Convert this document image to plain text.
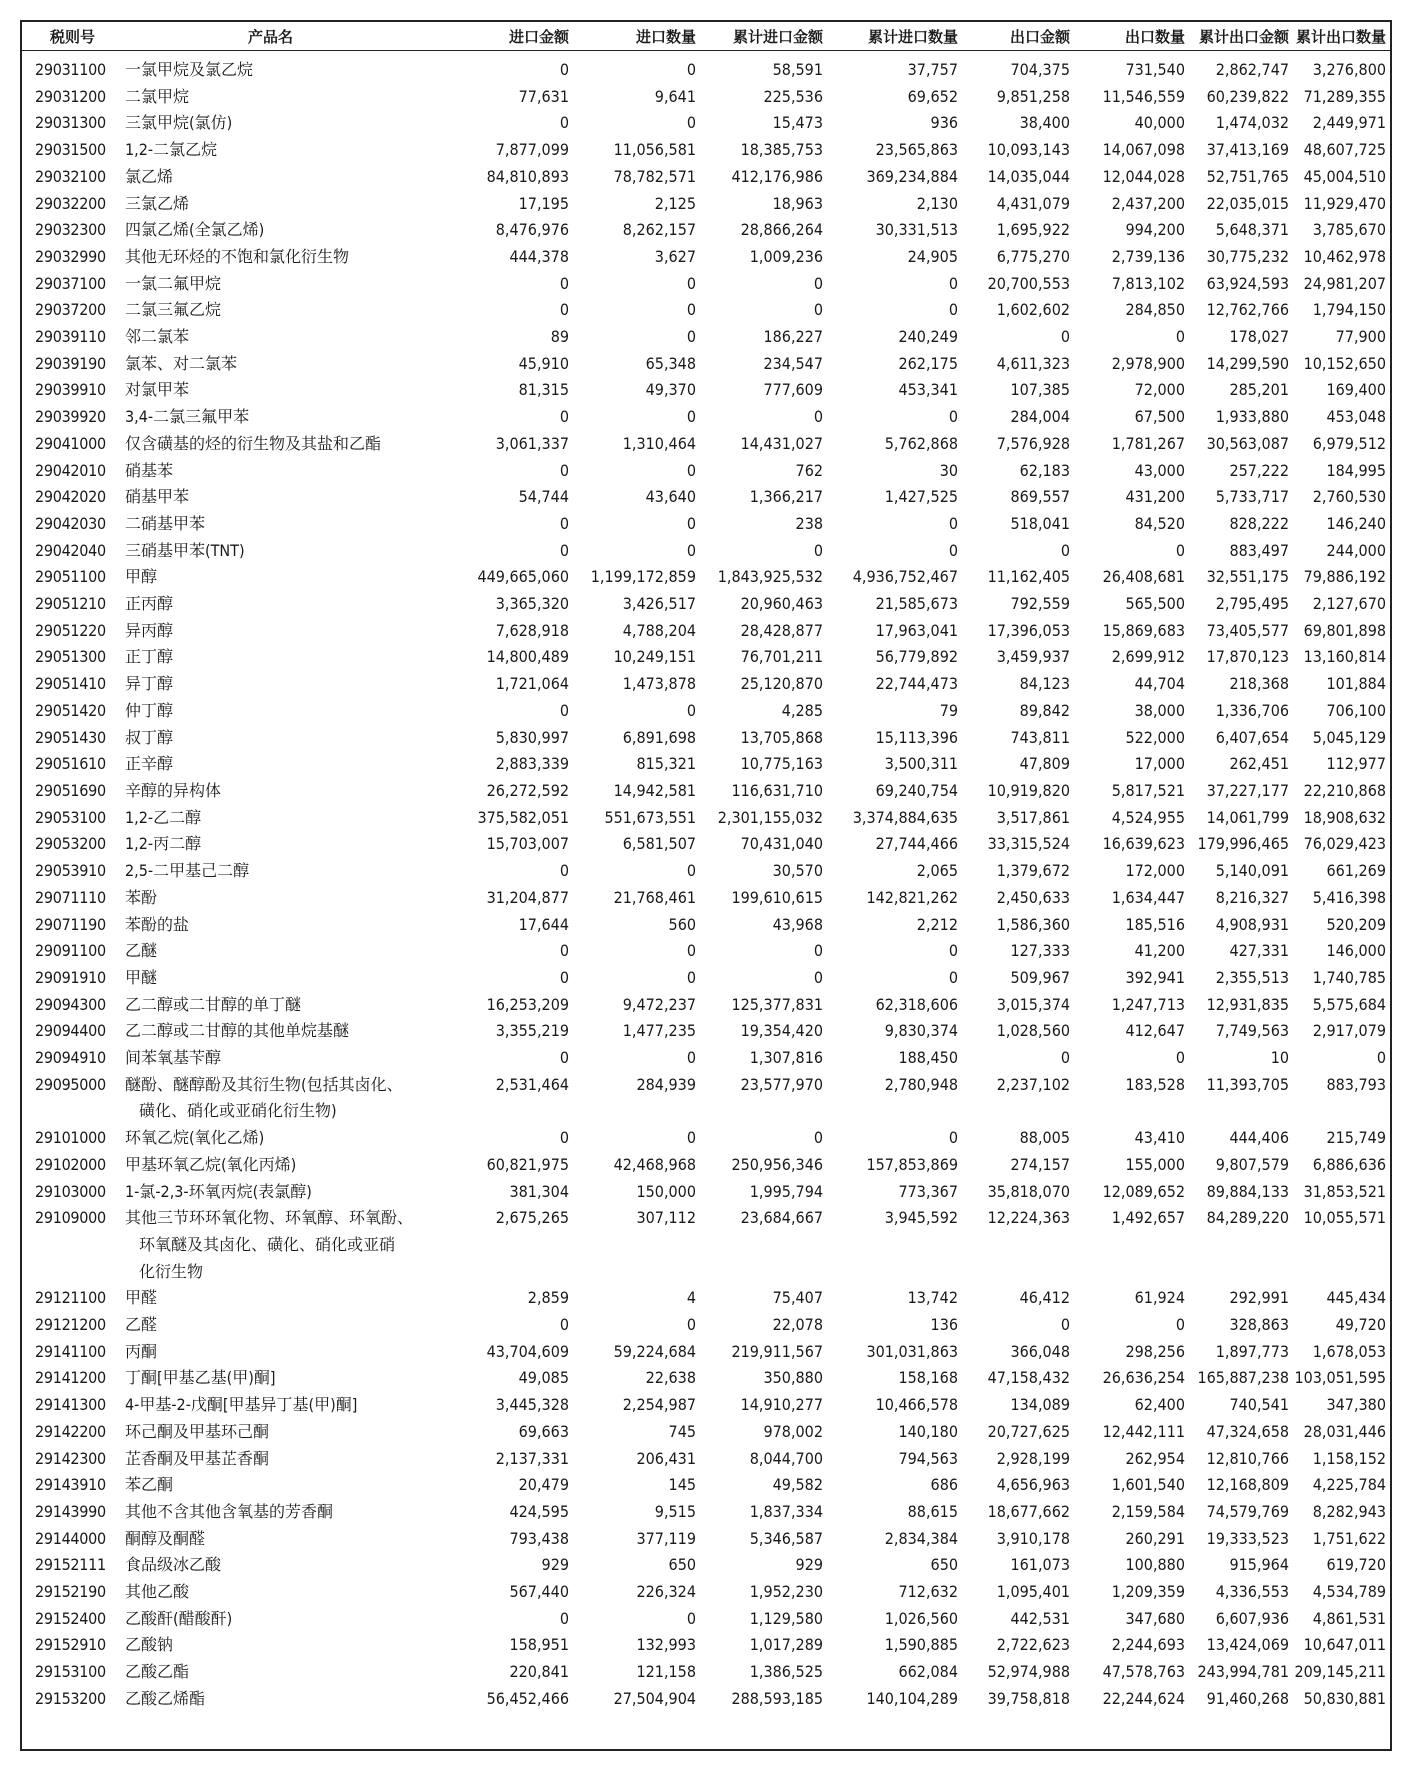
税则号	产品名	进口金额	进口数量	累计进口金额	累计进口数量	出口金额	出口数量	累计出口金额	累计出口数量
29031100	一氯甲烷及氯乙烷	0	0	58,591	37,757	704,375	731,540	2,862,747	3,276,800
29031200	二氯甲烷	77,631	9,641	225,536	69,652	9,851,258	11,546,559	60,239,822	71,289,355
29031300	三氯甲烷(氯仿)	0	0	15,473	936	38,400	40,000	1,474,032	2,449,971
29031500	1,2-二氯乙烷	7,877,099	11,056,581	18,385,753	23,565,863	10,093,143	14,067,098	37,413,169	48,607,725
29032100	氯乙烯	84,810,893	78,782,571	412,176,986	369,234,884	14,035,044	12,044,028	52,751,765	45,004,510
29032200	三氯乙烯	17,195	2,125	18,963	2,130	4,431,079	2,437,200	22,035,015	11,929,470
29032300	四氯乙烯(全氯乙烯)	8,476,976	8,262,157	28,866,264	30,331,513	1,695,922	994,200	5,648,371	3,785,670
29032990	其他无环烃的不饱和氯化衍生物	444,378	3,627	1,009,236	24,905	6,775,270	2,739,136	30,775,232	10,462,978
29037100	一氯二氟甲烷	0	0	0	0	20,700,553	7,813,102	63,924,593	24,981,207
29037200	二氯三氟乙烷	0	0	0	0	1,602,602	284,850	12,762,766	1,794,150
29039110	邻二氯苯	89	0	186,227	240,249	0	0	178,027	77,900
29039190	氯苯、对二氯苯	45,910	65,348	234,547	262,175	4,611,323	2,978,900	14,299,590	10,152,650
29039910	对氯甲苯	81,315	49,370	777,609	453,341	107,385	72,000	285,201	169,400
29039920	3,4-二氯三氟甲苯	0	0	0	0	284,004	67,500	1,933,880	453,048
29041000	仅含磺基的烃的衍生物及其盐和乙酯	3,061,337	1,310,464	14,431,027	5,762,868	7,576,928	1,781,267	30,563,087	6,979,512
29042010	硝基苯	0	0	762	30	62,183	43,000	257,222	184,995
29042020	硝基甲苯	54,744	43,640	1,366,217	1,427,525	869,557	431,200	5,733,717	2,760,530
29042030	二硝基甲苯	0	0	238	0	518,041	84,520	828,222	146,240
29042040	三硝基甲苯(TNT)	0	0	0	0	0	0	883,497	244,000
29051100	甲醇	449,665,060	1,199,172,859	1,843,925,532	4,936,752,467	11,162,405	26,408,681	32,551,175	79,886,192
29051210	正丙醇	3,365,320	3,426,517	20,960,463	21,585,673	792,559	565,500	2,795,495	2,127,670
29051220	异丙醇	7,628,918	4,788,204	28,428,877	17,963,041	17,396,053	15,869,683	73,405,577	69,801,898
29051300	正丁醇	14,800,489	10,249,151	76,701,211	56,779,892	3,459,937	2,699,912	17,870,123	13,160,814
29051410	异丁醇	1,721,064	1,473,878	25,120,870	22,744,473	84,123	44,704	218,368	101,884
29051420	仲丁醇	0	0	4,285	79	89,842	38,000	1,336,706	706,100
29051430	叔丁醇	5,830,997	6,891,698	13,705,868	15,113,396	743,811	522,000	6,407,654	5,045,129
29051610	正辛醇	2,883,339	815,321	10,775,163	3,500,311	47,809	17,000	262,451	112,977
29051690	辛醇的异构体	26,272,592	14,942,581	116,631,710	69,240,754	10,919,820	5,817,521	37,227,177	22,210,868
29053100	1,2-乙二醇	375,582,051	551,673,551	2,301,155,032	3,374,884,635	3,517,861	4,524,955	14,061,799	18,908,632
29053200	1,2-丙二醇	15,703,007	6,581,507	70,431,040	27,744,466	33,315,524	16,639,623	179,996,465	76,029,423
29053910	2,5-二甲基己二醇	0	0	30,570	2,065	1,379,672	172,000	5,140,091	661,269
29071110	苯酚	31,204,877	21,768,461	199,610,615	142,821,262	2,450,633	1,634,447	8,216,327	5,416,398
29071190	苯酚的盐	17,644	560	43,968	2,212	1,586,360	185,516	4,908,931	520,209
29091100	乙醚	0	0	0	0	127,333	41,200	427,331	146,000
29091910	甲醚	0	0	0	0	509,967	392,941	2,355,513	1,740,785
29094300	乙二醇或二甘醇的单丁醚	16,253,209	9,472,237	125,377,831	62,318,606	3,015,374	1,247,713	12,931,835	5,575,684
29094400	乙二醇或二甘醇的其他单烷基醚	3,355,219	1,477,235	19,354,420	9,830,374	1,028,560	412,647	7,749,563	2,917,079
29094910	间苯氧基苄醇	0	0	1,307,816	188,450	0	0	10	0
29095000	醚酚、醚醇酚及其衍生物(包括其卤化、
磺化、硝化或亚硝化衍生物)	2,531,464	284,939	23,577,970	2,780,948	2,237,102	183,528	11,393,705	883,793
29101000	环氧乙烷(氧化乙烯)	0	0	0	0	88,005	43,410	444,406	215,749
29102000	甲基环氧乙烷(氧化丙烯)	60,821,975	42,468,968	250,956,346	157,853,869	274,157	155,000	9,807,579	6,886,636
29103000	1-氯-2,3-环氧丙烷(表氯醇)	381,304	150,000	1,995,794	773,367	35,818,070	12,089,652	89,884,133	31,853,521
29109000	其他三节环环氧化物、环氧醇、环氧酚、
环氧醚及其卤化、磺化、硝化或亚硝
化衍生物	2,675,265	307,112	23,684,667	3,945,592	12,224,363	1,492,657	84,289,220	10,055,571
29121100	甲醛	2,859	4	75,407	13,742	46,412	61,924	292,991	445,434
29121200	乙醛	0	0	22,078	136	0	0	328,863	49,720
29141100	丙酮	43,704,609	59,224,684	219,911,567	301,031,863	366,048	298,256	1,897,773	1,678,053
29141200	丁酮[甲基乙基(甲)酮]	49,085	22,638	350,880	158,168	47,158,432	26,636,254	165,887,238	103,051,595
29141300	4-甲基-2-戊酮[甲基异丁基(甲)酮]	3,445,328	2,254,987	14,910,277	10,466,578	134,089	62,400	740,541	347,380
29142200	环己酮及甲基环己酮	69,663	745	978,002	140,180	20,727,625	12,442,111	47,324,658	28,031,446
29142300	芷香酮及甲基芷香酮	2,137,331	206,431	8,044,700	794,563	2,928,199	262,954	12,810,766	1,158,152
29143910	苯乙酮	20,479	145	49,582	686	4,656,963	1,601,540	12,168,809	4,225,784
29143990	其他不含其他含氧基的芳香酮	424,595	9,515	1,837,334	88,615	18,677,662	2,159,584	74,579,769	8,282,943
29144000	酮醇及酮醛	793,438	377,119	5,346,587	2,834,384	3,910,178	260,291	19,333,523	1,751,622
29152111	食品级冰乙酸	929	650	929	650	161,073	100,880	915,964	619,720
29152190	其他乙酸	567,440	226,324	1,952,230	712,632	1,095,401	1,209,359	4,336,553	4,534,789
29152400	乙酸酐(醋酸酐)	0	0	1,129,580	1,026,560	442,531	347,680	6,607,936	4,861,531
29152910	乙酸钠	158,951	132,993	1,017,289	1,590,885	2,722,623	2,244,693	13,424,069	10,647,011
29153100	乙酸乙酯	220,841	121,158	1,386,525	662,084	52,974,988	47,578,763	243,994,781	209,145,211
29153200	乙酸乙烯酯	56,452,466	27,504,904	288,593,185	140,104,289	39,758,818	22,244,624	91,460,268	50,830,881
